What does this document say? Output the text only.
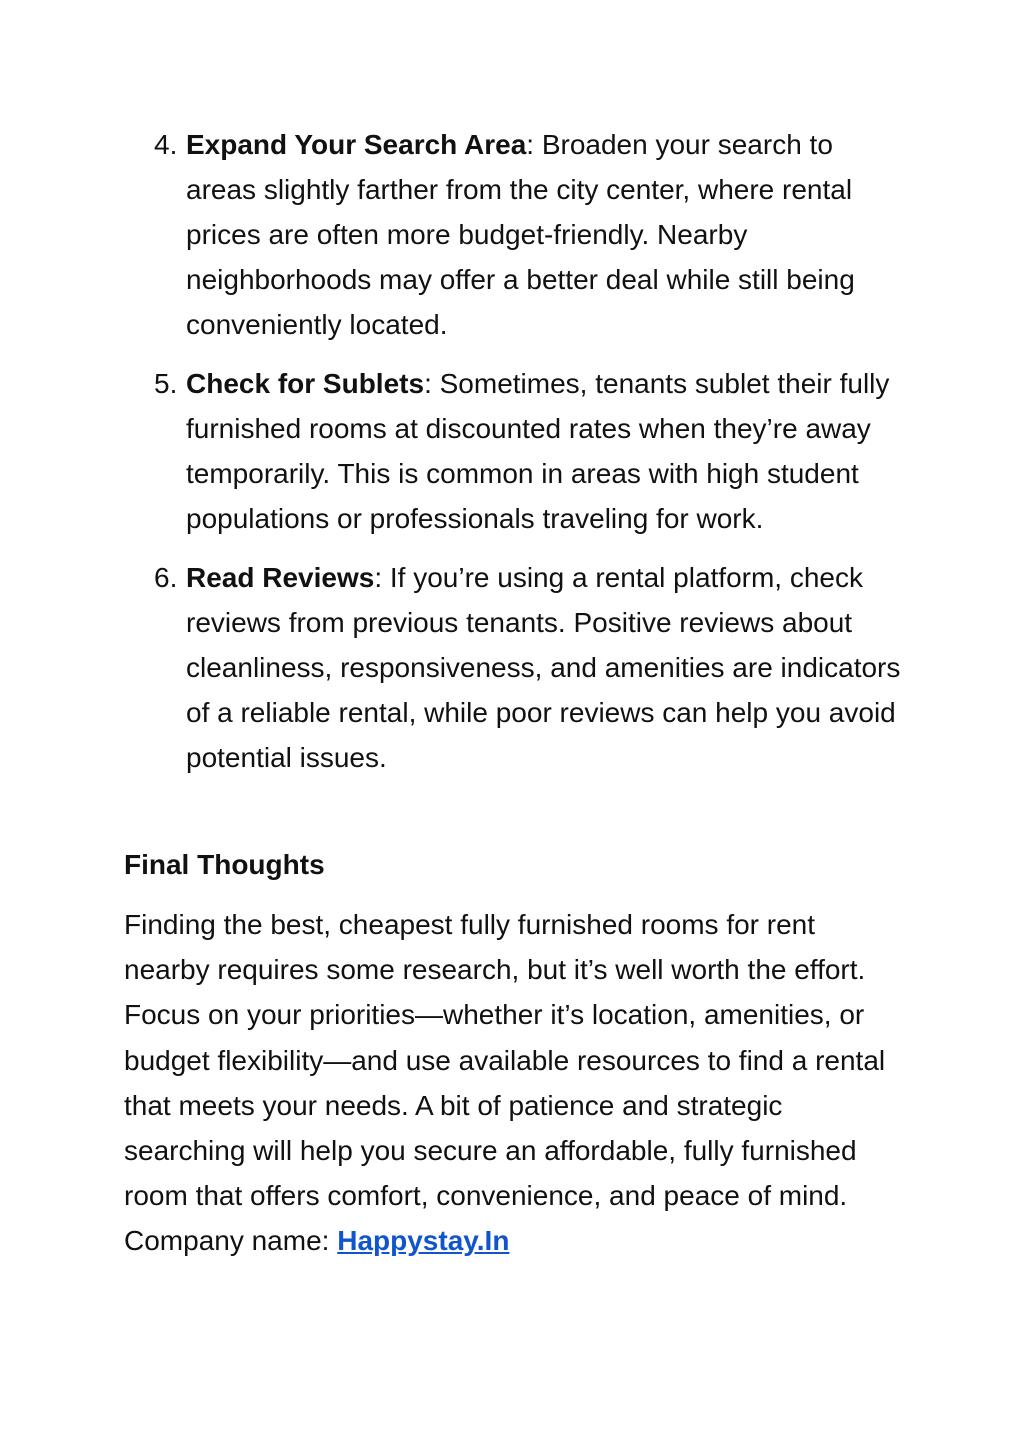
4. Expand Your Search Area: Broaden your search to areas slightly farther from the city center, where rental prices are often more budget-friendly. Nearby neighborhoods may offer a better deal while still being conveniently located.
5. Check for Sublets: Sometimes, tenants sublet their fully furnished rooms at discounted rates when they’re away temporarily. This is common in areas with high student populations or professionals traveling for work.
6. Read Reviews: If you’re using a rental platform, check reviews from previous tenants. Positive reviews about cleanliness, responsiveness, and amenities are indicators of a reliable rental, while poor reviews can help you avoid potential issues.
Final Thoughts

Finding the best, cheapest fully furnished rooms for rent nearby requires some research, but it’s well worth the effort. Focus on your priorities—whether it’s location, amenities, or budget flexibility—and use available resources to find a rental that meets your needs. A bit of patience and strategic searching will help you secure an affordable, fully furnished room that offers comfort, convenience, and peace of mind.
Company name: Happystay.In
